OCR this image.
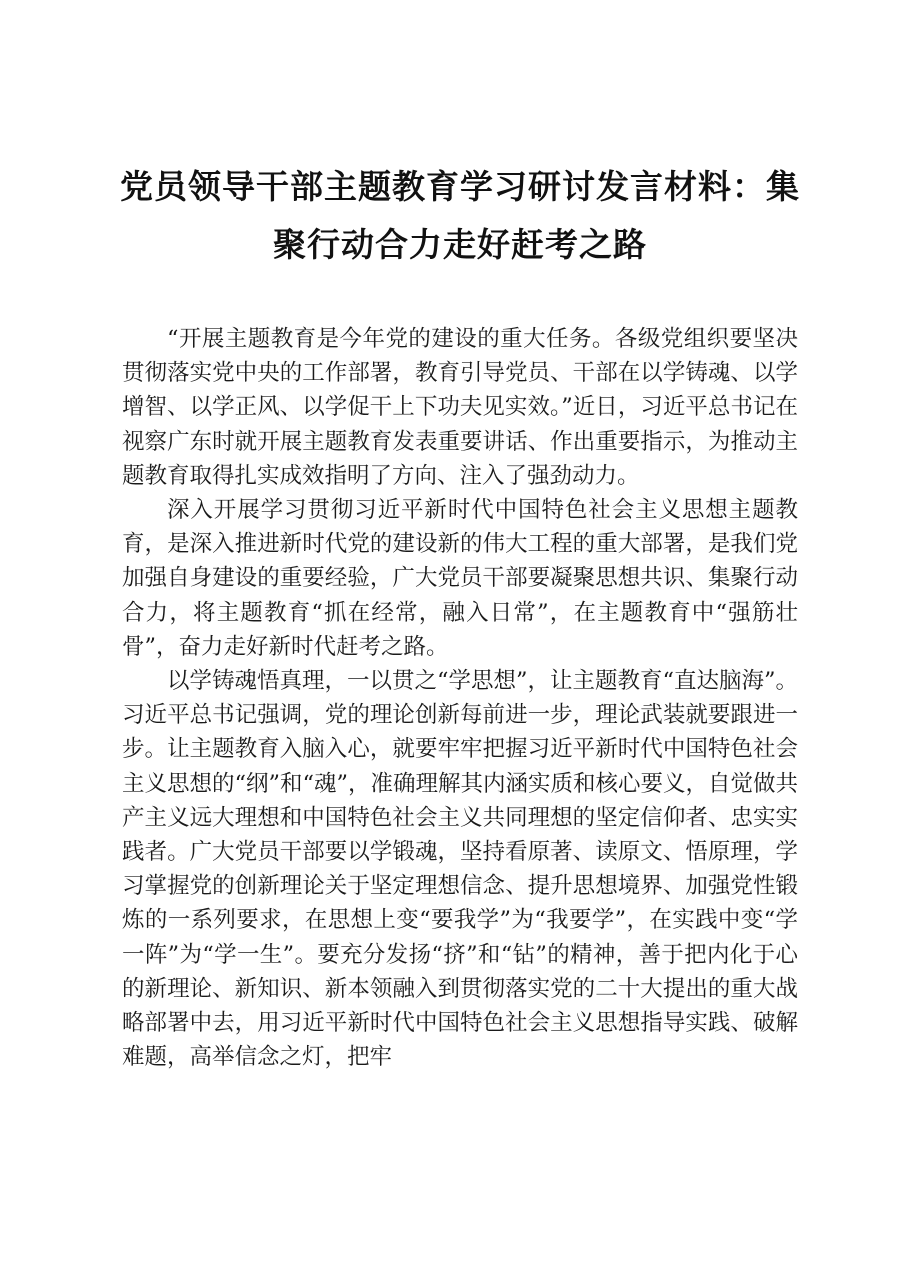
党员领导干部主题教育学习研讨发言材料：集聚行动合力走好赶考之路

“开展主题教育是今年党的建设的重大任务。各级党组织要坚决贯彻落实党中央的工作部署，教育引导党员、干部在以学铸魂、以学增智、以学正风、以学促干上下功夫见实效。”近日，习近平总书记在视察广东时就开展主题教育发表重要讲话、作出重要指示，为推动主题教育取得扎实成效指明了方向、注入了强劲动力。

深入开展学习贯彻习近平新时代中国特色社会主义思想主题教育，是深入推进新时代党的建设新的伟大工程的重大部署，是我们党加强自身建设的重要经验，广大党员干部要凝聚思想共识、集聚行动合力，将主题教育“抓在经常，融入日常”，在主题教育中“强筋壮骨”，奋力走好新时代赶考之路。

以学铸魂悟真理，一以贯之“学思想”，让主题教育“直达脑海”。习近平总书记强调，党的理论创新每前进一步，理论武装就要跟进一步。让主题教育入脑入心，就要牢牢把握习近平新时代中国特色社会主义思想的“纲”和“魂”，准确理解其内涵实质和核心要义，自觉做共产主义远大理想和中国特色社会主义共同理想的坚定信仰者、忠实实践者。广大党员干部要以学锻魂，坚持看原著、读原文、悟原理，学习掌握党的创新理论关于坚定理想信念、提升思想境界、加强党性锻炼的一系列要求，在思想上变“要我学”为“我要学”，在实践中变“学一阵”为“学一生”。要充分发扬“挤”和“钻”的精神，善于把内化于心的新理论、新知识、新本领融入到贯彻落实党的二十大提出的重大战略部署中去，用习近平新时代中国特色社会主义思想指导实践、破解难题，高举信念之灯，把牢
